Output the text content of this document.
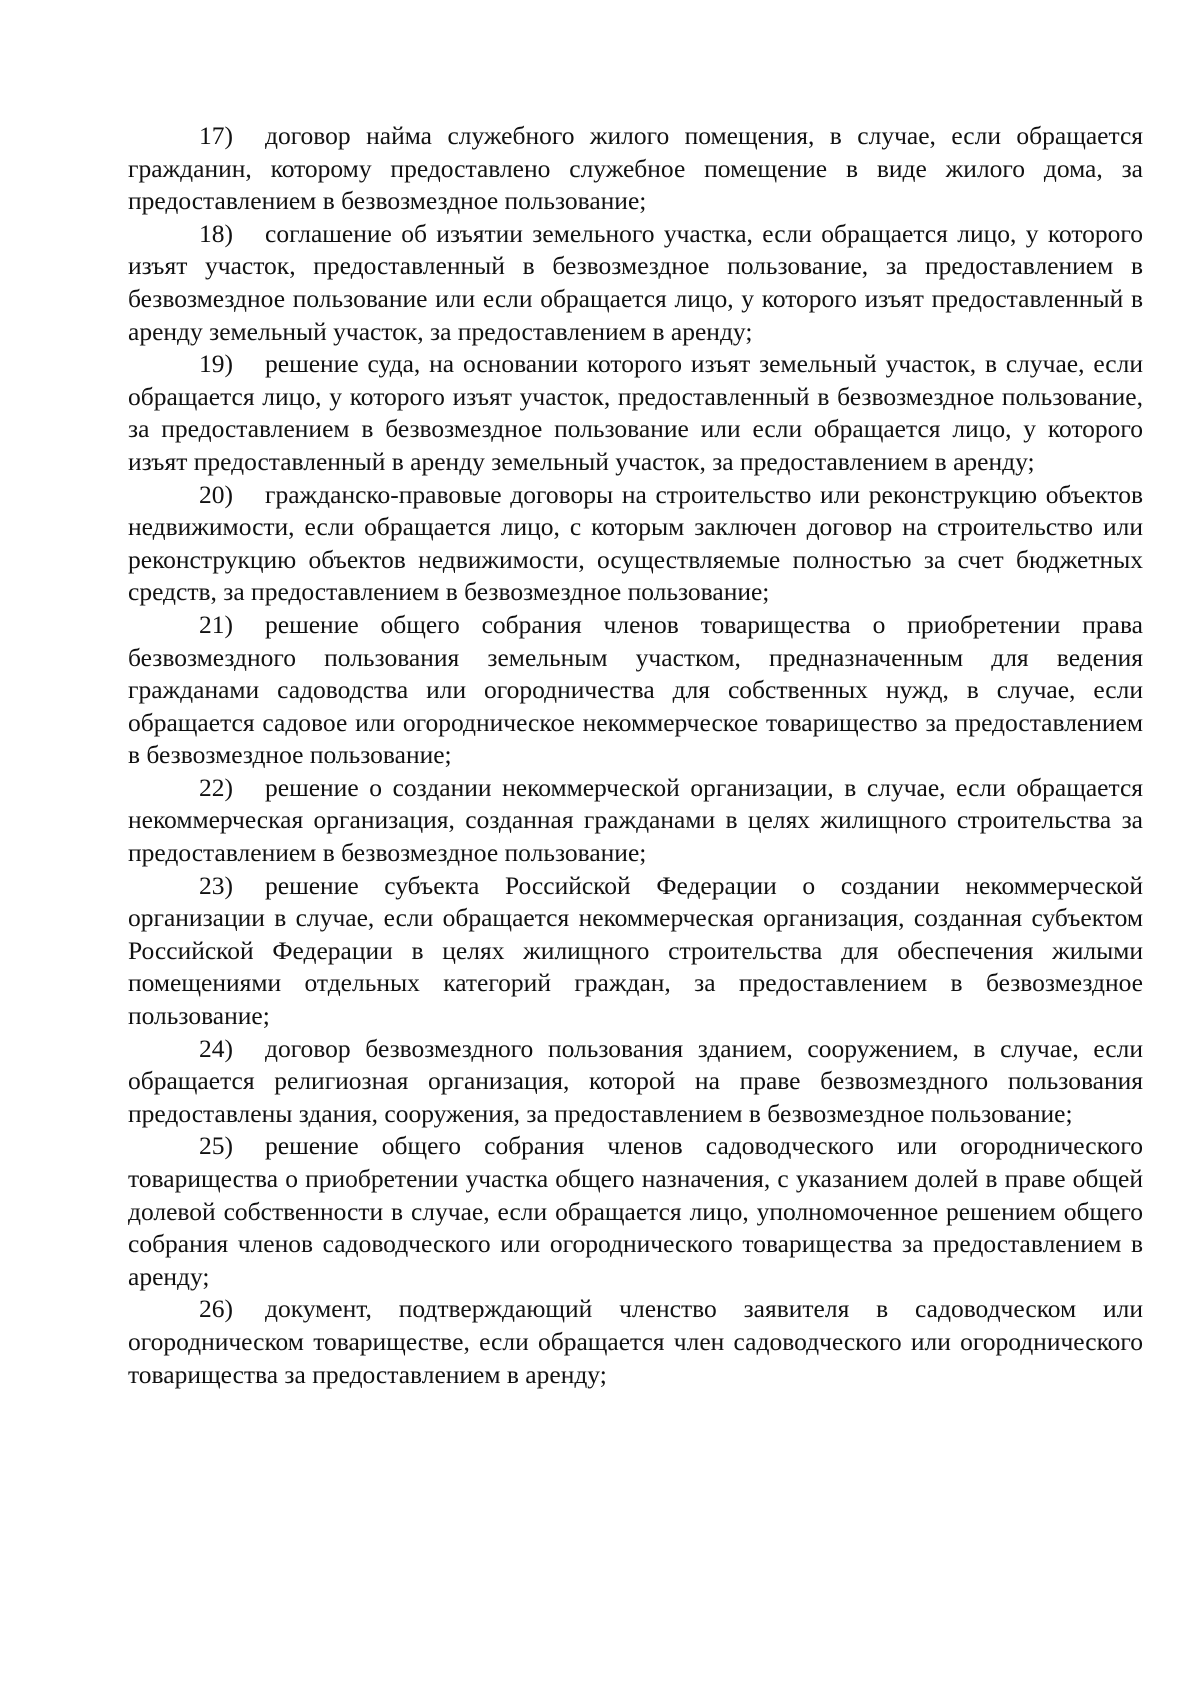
17) договор найма служебного жилого помещения, в случае, если обращается гражданин, которому предоставлено служебное помещение в виде жилого дома, за предоставлением в безвозмездное пользование;

18) соглашение об изъятии земельного участка, если обращается лицо, у которого изъят участок, предоставленный в безвозмездное пользование, за предоставлением в безвозмездное пользование или если обращается лицо, у которого изъят предоставленный в аренду земельный участок, за предоставлением в аренду;

19) решение суда, на основании которого изъят земельный участок, в случае, если обращается лицо, у которого изъят участок, предоставленный в безвозмездное пользование, за предоставлением в безвозмездное пользование или если обращается лицо, у которого изъят предоставленный в аренду земельный участок, за предоставлением в аренду;

20) гражданско-правовые договоры на строительство или реконструкцию объектов недвижимости, если обращается лицо, с которым заключен договор на строительство или реконструкцию объектов недвижимости, осуществляемые полностью за счет бюджетных средств, за предоставлением в безвозмездное пользование;

21) решение общего собрания членов товарищества о приобретении права безвозмездного пользования земельным участком, предназначенным для ведения гражданами садоводства или огородничества для собственных нужд, в случае, если обращается садовое или огородническое некоммерческое товарищество за предоставлением в безвозмездное пользование;

22) решение о создании некоммерческой организации, в случае, если обращается некоммерческая организация, созданная гражданами в целях жилищного строительства за предоставлением в безвозмездное пользование;

23) решение субъекта Российской Федерации о создании некоммерческой организации в случае, если обращается некоммерческая организация, созданная субъектом Российской Федерации в целях жилищного строительства для обеспечения жилыми помещениями отдельных категорий граждан, за предоставлением в безвозмездное пользование;

24) договор безвозмездного пользования зданием, сооружением, в случае, если обращается религиозная организация, которой на праве безвозмездного пользования предоставлены здания, сооружения, за предоставлением в безвозмездное пользование;

25) решение общего собрания членов садоводческого или огороднического товарищества о приобретении участка общего назначения, с указанием долей в праве общей долевой собственности в случае, если обращается лицо, уполномоченное решением общего собрания членов садоводческого или огороднического товарищества за предоставлением в аренду;

26) документ, подтверждающий членство заявителя в садоводческом или огородническом товариществе, если обращается член садоводческого или огороднического товарищества за предоставлением в аренду;
